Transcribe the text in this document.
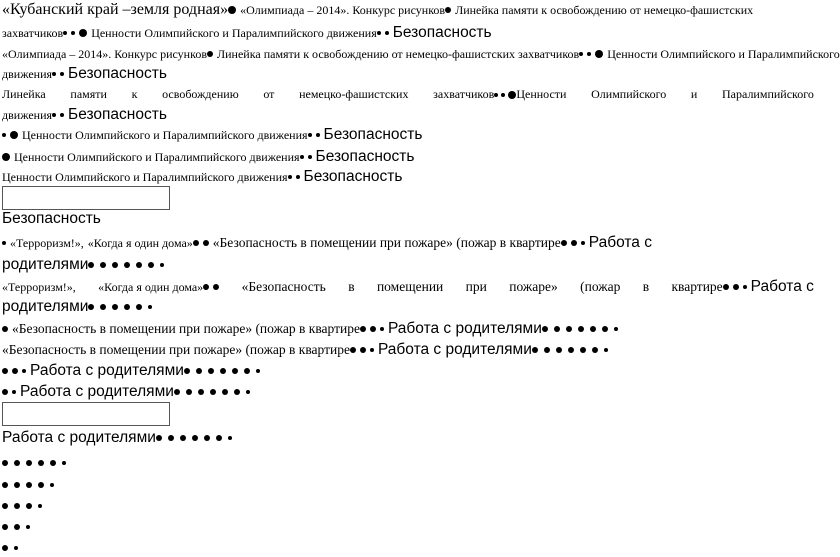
«Кубанский край –земля родная» «Олимпиада – 2014». Конкурс рисунков Линейка памяти к освобождению от немецко-фашистских
захватчиков Ценности Олимпийского и Паралимпийского движения Безопасность
«Олимпиада – 2014». Конкурс рисунков Линейка памяти к освобождению от немецко-фашистских захватчиков Ценности Олимпийского и Паралимпийского
движения Безопасность
Линейка памяти к освобождению от немецко-фашистских захватчиков Ценности Олимпийского и Паралимпийского
движения Безопасность
Ценности Олимпийского и Паралимпийского движения Безопасность
Ценности Олимпийского и Паралимпийского движения Безопасность
Ценности Олимпийского и Паралимпийского движения Безопасность
Безопасность
«Терроризм!», «Когда я один дома» «Безопасность в помещении при пожаре» (пожар в квартире Работа с
родителями
«Терроризм!», «Когда я один дома»	«Безопасность в помещении при пожаре» (пожар в квартире Работа с
родителями
«Безопасность в помещении при пожаре» (пожар в квартире Работа с родителями
«Безопасность в помещении при пожаре» (пожар в квартире Работа с родителями
Работа с родителями
Работа с родителями
Работа с родителями
